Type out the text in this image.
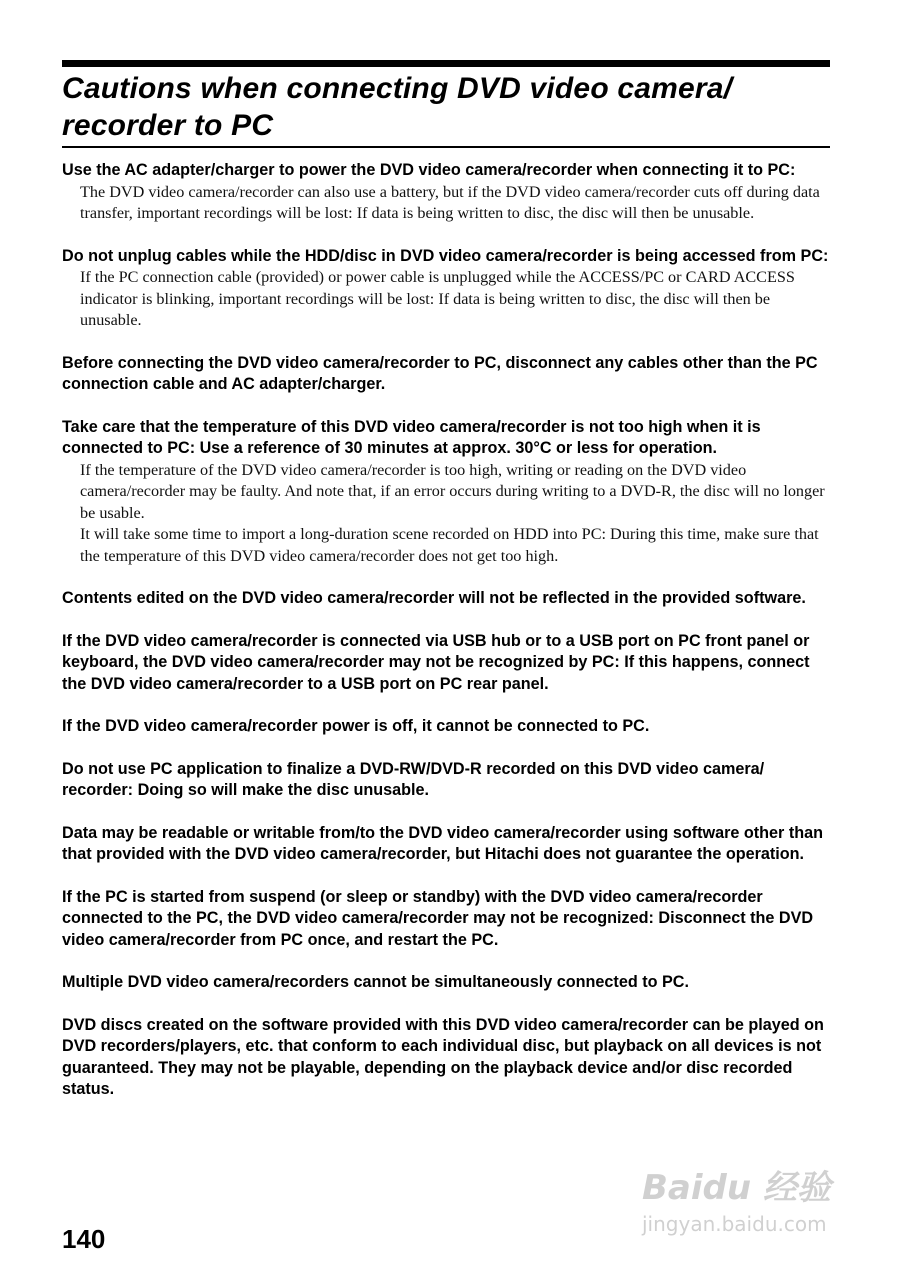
Cautions when connecting DVD video camera/ recorder to PC

Use the AC adapter/charger to power the DVD video camera/recorder when connecting it to PC:

The DVD video camera/recorder can also use a battery, but if the DVD video camera/recorder cuts off during data transfer, important recordings will be lost: If data is being written to disc, the disc will then be unusable.

Do not unplug cables while the HDD/disc in DVD video camera/recorder is being accessed from PC:

If the PC connection cable (provided) or power cable is unplugged while the ACCESS/PC or CARD ACCESS indicator is blinking, important recordings will be lost: If data is being written to disc, the disc will then be unusable.

Before connecting the DVD video camera/recorder to PC, disconnect any cables other than the PC connection cable and AC adapter/charger.

Take care that the temperature of this DVD video camera/recorder is not too high when it is connected to PC: Use a reference of 30 minutes at approx. 30°C or less for operation.

If the temperature of the DVD video camera/recorder is too high, writing or reading on the DVD video camera/recorder may be faulty. And note that, if an error occurs during writing to a DVD-R, the disc will no longer be usable.

It will take some time to import a long-duration scene recorded on HDD into PC: During this time, make sure that the temperature of this DVD video camera/recorder does not get too high.

Contents edited on the DVD video camera/recorder will not be reflected in the provided software.

If the DVD video camera/recorder is connected via USB hub or to a USB port on PC front panel or keyboard, the DVD video camera/recorder may not be recognized by PC: If this happens, connect the DVD video camera/recorder to a USB port on PC rear panel.

If the DVD video camera/recorder power is off, it cannot be connected to PC.

Do not use PC application to finalize a DVD-RW/DVD-R recorded on this DVD video camera/ recorder: Doing so will make the disc unusable.

Data may be readable or writable from/to the DVD video camera/recorder using software other than that provided with the DVD video camera/recorder, but Hitachi does not guarantee the operation.

If the PC is started from suspend (or sleep or standby) with the DVD video camera/recorder connected to the PC, the DVD video camera/recorder may not be recognized: Disconnect the DVD video camera/recorder from PC once, and restart the PC.

Multiple DVD video camera/recorders cannot be simultaneously connected to PC.

DVD discs created on the software provided with this DVD video camera/recorder can be played on DVD recorders/players, etc. that conform to each individual disc, but playback on all devices is not guaranteed. They may not be playable, depending on the playback device and/or disc recorded status.

140

Baidu 经验
jingyan.baidu.com
